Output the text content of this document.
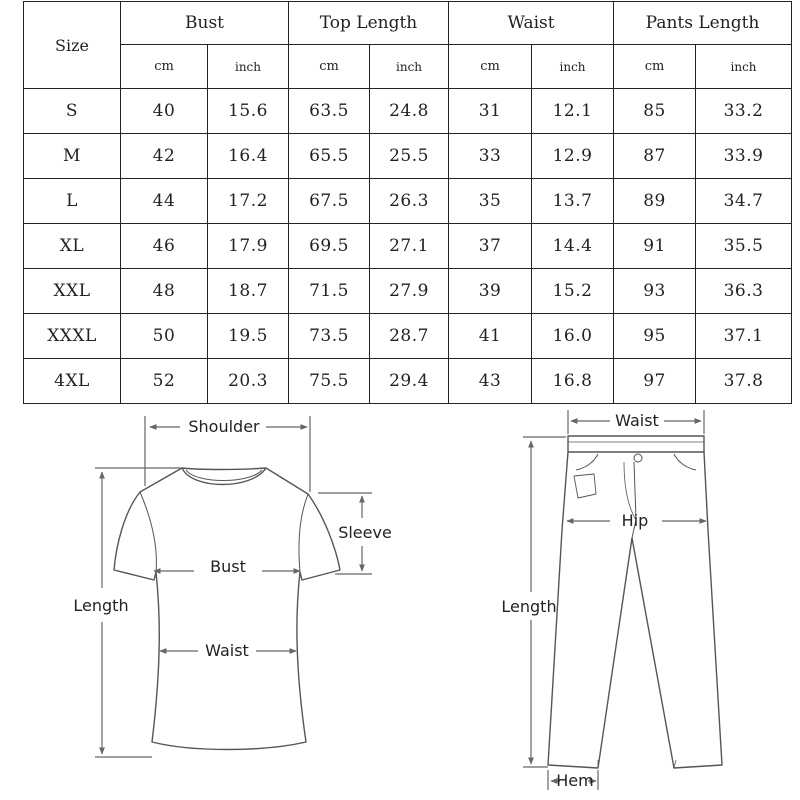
Size	Bust		Top Length		Waist		Pants Length	
	cm	inch	cm	inch	cm	inch	cm	inch
S	40	15.6	63.5	24.8	31	12.1	85	33.2
M	42	16.4	65.5	25.5	33	12.9	87	33.9
L	44	17.2	67.5	26.3	35	13.7	89	34.7
XL	46	17.9	69.5	27.1	37	14.4	91	35.5
XXL	48	18.7	71.5	27.9	39	15.2	93	36.3
XXXL	50	19.5	73.5	28.7	41	16.0	95	37.1
4XL	52	20.3	75.5	29.4	43	16.8	97	37.8
Shoulder
Sleeve
Bust
Length
Waist
Waist
Hip
Length
Hem
